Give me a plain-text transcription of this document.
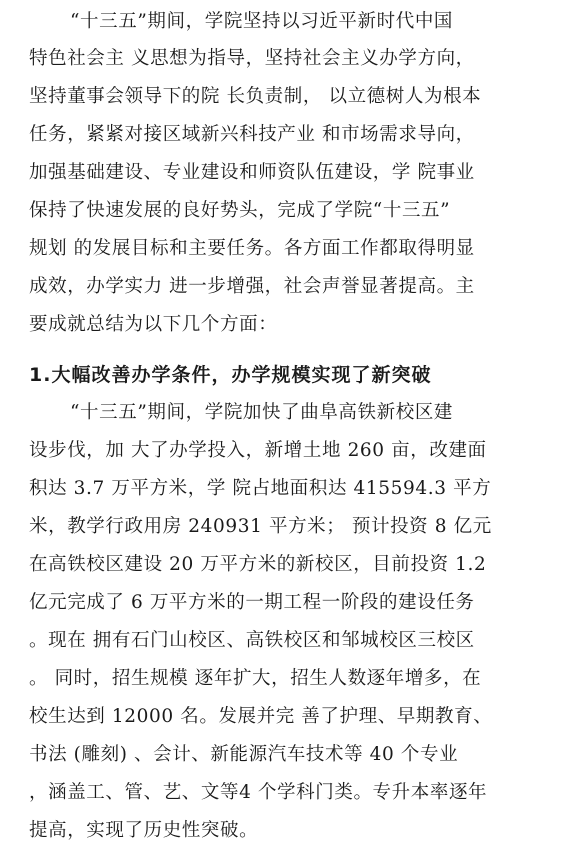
“十三五”期间，学院坚持以习近平新时代中国
特色社会主 义思想为指导，坚持社会主义办学方向，
坚持董事会领导下的院 长负责制， 以立德树人为根本
任务，紧紧对接区域新兴科技产业 和市场需求导向，
加强基础建设、专业建设和师资队伍建设，学 院事业
保持了快速发展的良好势头，完成了学院“十三五”
规划 的发展目标和主要任务。各方面工作都取得明显
成效，办学实力 进一步增强，社会声誉显著提高。主
要成就总结为以下几个方面：
1.大幅改善办学条件，办学规模实现了新突破
“十三五”期间，学院加快了曲阜高铁新校区建
设步伐，加 大了办学投入，新增土地 260 亩，改建面
积达 3.7 万平方米，学 院占地面积达 415594.3 平方
米，教学行政用房 240931 平方米； 预计投资 8 亿元
在高铁校区建设 20 万平方米的新校区，目前投资 1.2
亿元完成了 6 万平方米的一期工程一阶段的建设任务
。现在 拥有石门山校区、高铁校区和邹城校区三校区
。 同时，招生规模 逐年扩大，招生人数逐年增多，在
校生达到 12000 名。发展并完 善了护理、早期教育、
书法 (雕刻) 、会计、新能源汽车技术等 40 个专业
，涵盖工、管、艺、文等4 个学科门类。专升本率逐年
提高，实现了历史性突破。
